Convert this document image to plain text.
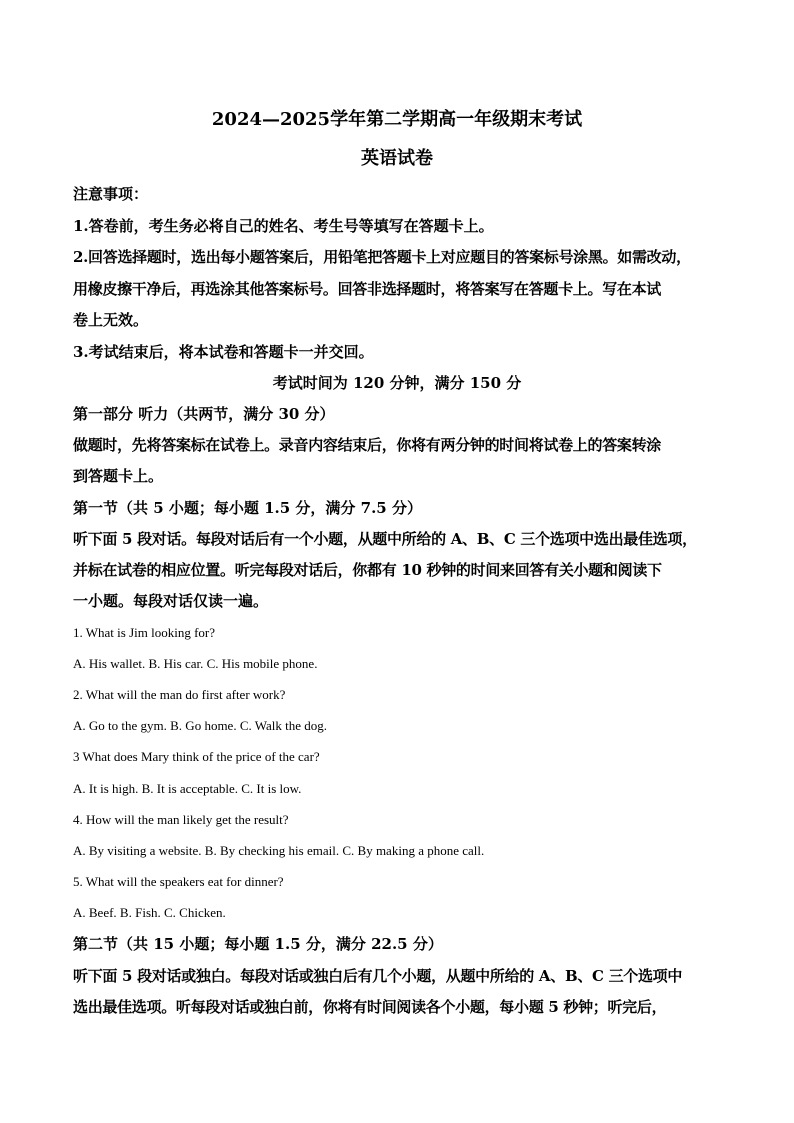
2024—2025学年第二学期高一年级期末考试
英语试卷
注意事项：
1.答卷前，考生务必将自己的姓名、考生号等填写在答题卡上。
2.回答选择题时，选出每小题答案后，用铅笔把答题卡上对应题目的答案标号涂黑。如需改动，
用橡皮擦干净后，再选涂其他答案标号。回答非选择题时，将答案写在答题卡上。写在本试
卷上无效。
3.考试结束后，将本试卷和答题卡一并交回。
考试时间为 120 分钟，满分 150 分
第一部分 听力（共两节，满分 30 分）
做题时，先将答案标在试卷上。录音内容结束后，你将有两分钟的时间将试卷上的答案转涂
到答题卡上。
第一节（共 5 小题；每小题 1.5 分，满分 7.5 分）
听下面 5 段对话。每段对话后有一个小题，从题中所给的 A、B、C 三个选项中选出最佳选项，
并标在试卷的相应位置。听完每段对话后，你都有 10 秒钟的时间来回答有关小题和阅读下
一小题。每段对话仅读一遍。
1. What is Jim looking for?
A. His wallet. B. His car. C. His mobile phone.
2. What will the man do first after work?
A. Go to the gym. B. Go home. C. Walk the dog.
3 What does Mary think of the price of the car?
A. It is high. B. It is acceptable. C. It is low.
4. How will the man likely get the result?
A. By visiting a website. B. By checking his email. C. By making a phone call.
5. What will the speakers eat for dinner?
A. Beef. B. Fish. C. Chicken.
第二节（共 15 小题；每小题 1.5 分，满分 22.5 分）
听下面 5 段对话或独白。每段对话或独白后有几个小题，从题中所给的 A、B、C 三个选项中
选出最佳选项。听每段对话或独白前，你将有时间阅读各个小题，每小题 5 秒钟；听完后，
